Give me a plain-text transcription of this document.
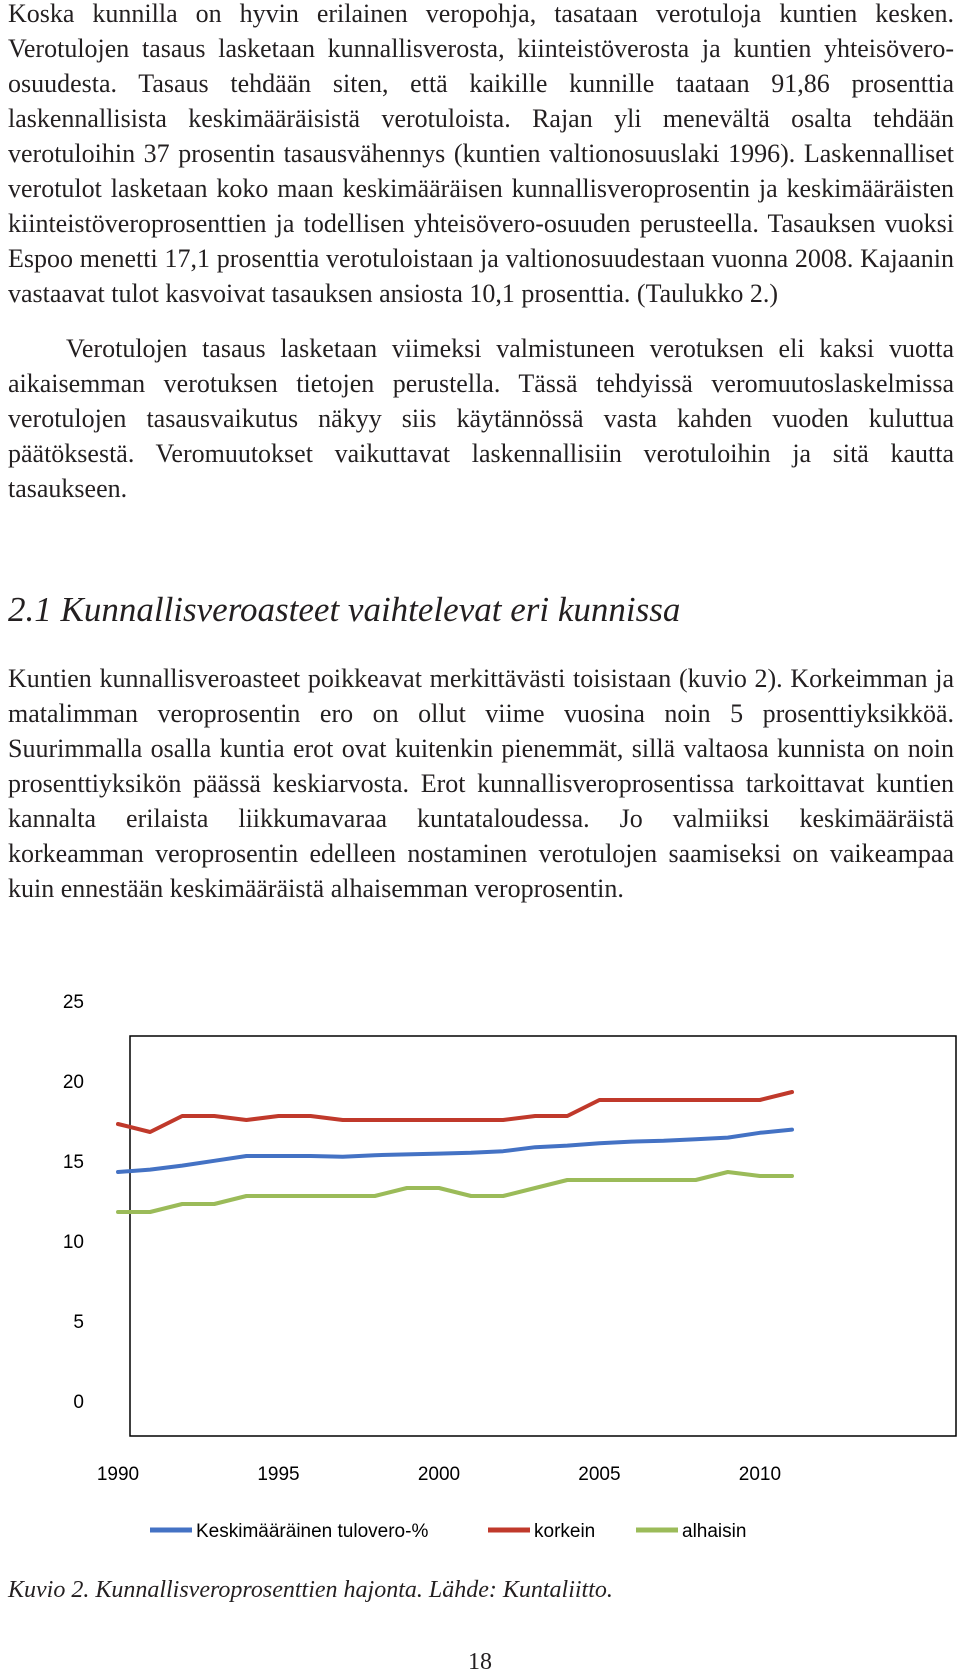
Koska kunnilla on hyvin erilainen veropohja, tasataan verotuloja kuntien kesken. Verotulojen tasaus lasketaan kunnallisverosta, kiinteistöverosta ja kuntien yhteisövero-osuudesta. Tasaus tehdään siten, että kaikille kunnille taataan 91,86 prosenttia laskennallisista keskimääräisistä verotuloista. Rajan yli menevältä osalta tehdään verotuloihin 37 prosentin tasausvähennys (kuntien valtionosuuslaki 1996). Laskennalliset verotulot lasketaan koko maan keskimääräisen kunnallisveroprosentin ja keskimääräisten kiinteistöveroprosenttien ja todellisen yhteisövero-osuuden perusteella. Tasauksen vuoksi Espoo menetti 17,1 prosenttia verotuloistaan ja valtionosuudestaan vuonna 2008. Kajaanin vastaavat tulot kasvoivat tasauksen ansiosta 10,1 prosenttia. (Taulukko 2.)

Verotulojen tasaus lasketaan viimeksi valmistuneen verotuksen eli kaksi vuotta aikaisemman verotuksen tietojen perustella. Tässä tehdyissä veromuutoslaskelmissa verotulojen tasausvaikutus näkyy siis käytännössä vasta kahden vuoden kuluttua päätöksestä. Veromuutokset vaikuttavat laskennallisiin verotuloihin ja sitä kautta tasaukseen.

2.1 Kunnallisveroasteet vaihtelevat eri kunnissa

Kuntien kunnallisveroasteet poikkeavat merkittävästi toisistaan (kuvio 2). Korkeimman ja matalimman veroprosentin ero on ollut viime vuosina noin 5 prosenttiyksikköä. Suurimmalla osalla kuntia erot ovat kuitenkin pienemmät, sillä valtaosa kunnista on noin prosenttiyksikön päässä keskiarvosta. Erot kunnallisveroprosentissa tarkoittavat kuntien kannalta erilaista liikkumavaraa kuntataloudessa. Jo valmiiksi keskimääräistä korkeamman veroprosentin edelleen nostaminen verotulojen saamiseksi on vaikeampaa kuin ennestään keskimääräistä alhaisemman veroprosentin.

0
5
10
15
20
25
1990	1995	2000	2005	2010
Keskimääräinen tulovero-%	korkein	alhaisin

Kuvio 2. Kunnallisveroprosenttien hajonta. Lähde: Kuntaliitto.

18
